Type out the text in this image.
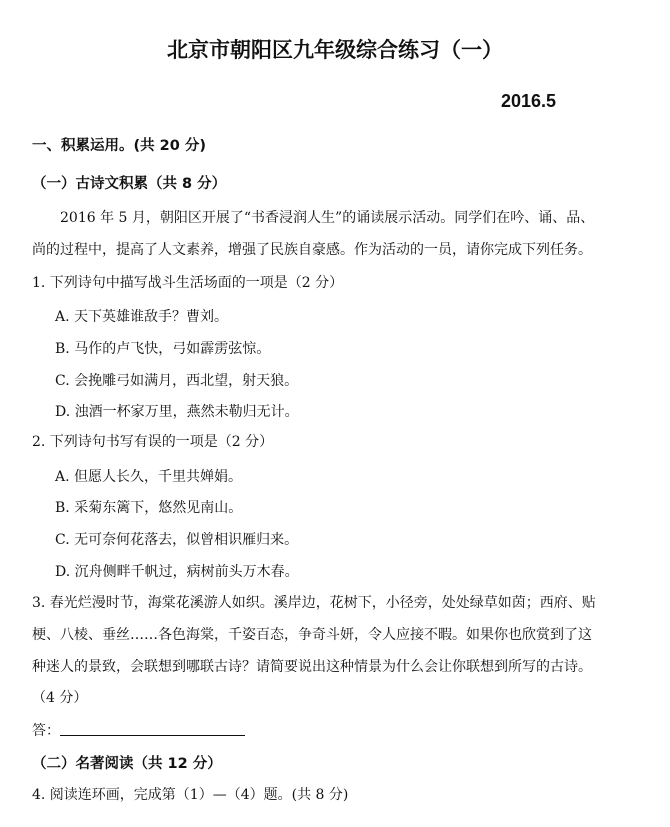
北京市朝阳区九年级综合练习（一）
2016.5
一、积累运用。(共 20 分)
（一）古诗文积累（共 8 分）
2016 年 5 月，朝阳区开展了“书香浸润人生”的诵读展示活动。同学们在吟、诵、品、
尚的过程中，提高了人文素养，增强了民族自豪感。作为活动的一员，请你完成下列任务。
1. 下列诗句中描写战斗生活场面的一项是（2 分）
A. 天下英雄谁敌手？曹刘。
B. 马作的卢飞快，弓如霹雳弦惊。
C. 会挽雕弓如满月，西北望，射天狼。
D. 浊酒一杯家万里，燕然未勒归无计。
2. 下列诗句书写有误的一项是（2 分）
A. 但愿人长久，千里共婵娟。
B. 采菊东篱下，悠然见南山。
C. 无可奈何花落去，似曾相识雁归来。
D. 沉舟侧畔千帆过，病树前头万木春。
3. 春光烂漫时节，海棠花溪游人如织。溪岸边，花树下，小径旁，处处绿草如茵；西府、贴
梗、八棱、垂丝……各色海棠，千姿百态，争奇斗妍，令人应接不暇。如果你也欣赏到了这
种迷人的景致，会联想到哪联古诗？请简要说出这种情景为什么会让你联想到所写的古诗。
（4 分）
答：
（二）名著阅读（共 12 分）
4. 阅读连环画，完成第（1）—（4）题。(共 8 分)
